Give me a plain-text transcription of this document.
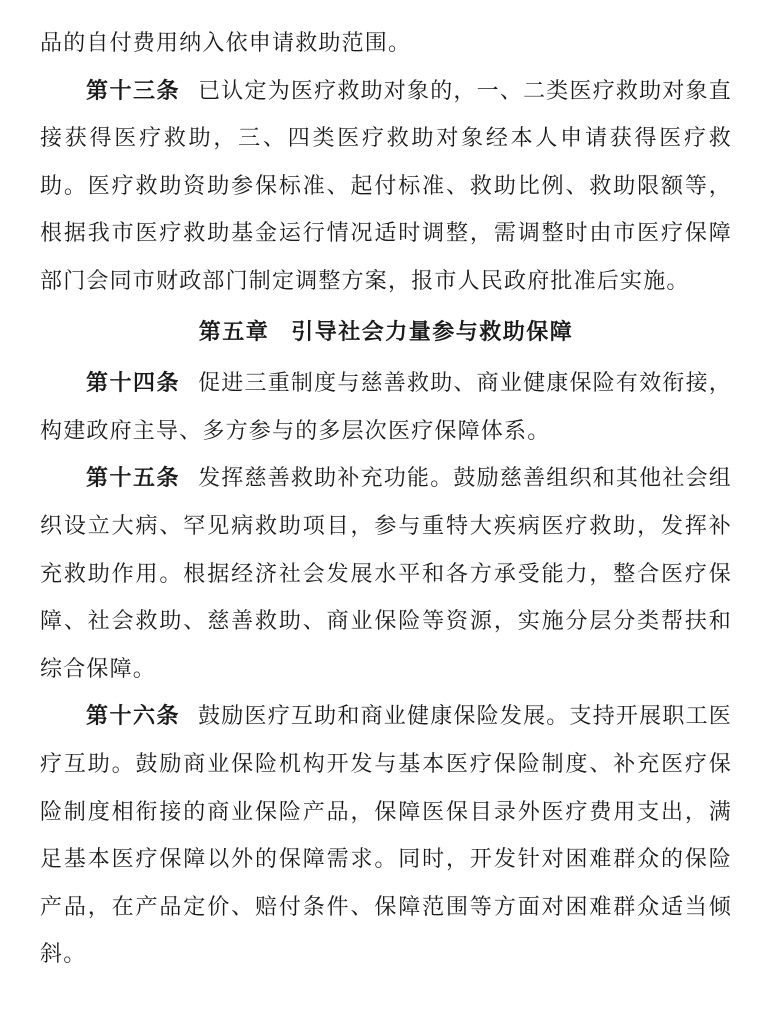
品的自付费用纳入依申请救助范围。

第十三条 已认定为医疗救助对象的，一、二类医疗救助对象直接获得医疗救助，三、四类医疗救助对象经本人申请获得医疗救助。医疗救助资助参保标准、起付标准、救助比例、救助限额等，根据我市医疗救助基金运行情况适时调整，需调整时由市医疗保障部门会同市财政部门制定调整方案，报市人民政府批准后实施。

第五章 引导社会力量参与救助保障

第十四条 促进三重制度与慈善救助、商业健康保险有效衔接，构建政府主导、多方参与的多层次医疗保障体系。

第十五条 发挥慈善救助补充功能。鼓励慈善组织和其他社会组织设立大病、罕见病救助项目，参与重特大疾病医疗救助，发挥补充救助作用。根据经济社会发展水平和各方承受能力，整合医疗保障、社会救助、慈善救助、商业保险等资源，实施分层分类帮扶和综合保障。

第十六条 鼓励医疗互助和商业健康保险发展。支持开展职工医疗互助。鼓励商业保险机构开发与基本医疗保险制度、补充医疗保险制度相衔接的商业保险产品，保障医保目录外医疗费用支出，满足基本医疗保障以外的保障需求。同时，开发针对困难群众的保险产品，在产品定价、赔付条件、保障范围等方面对困难群众适当倾斜。
